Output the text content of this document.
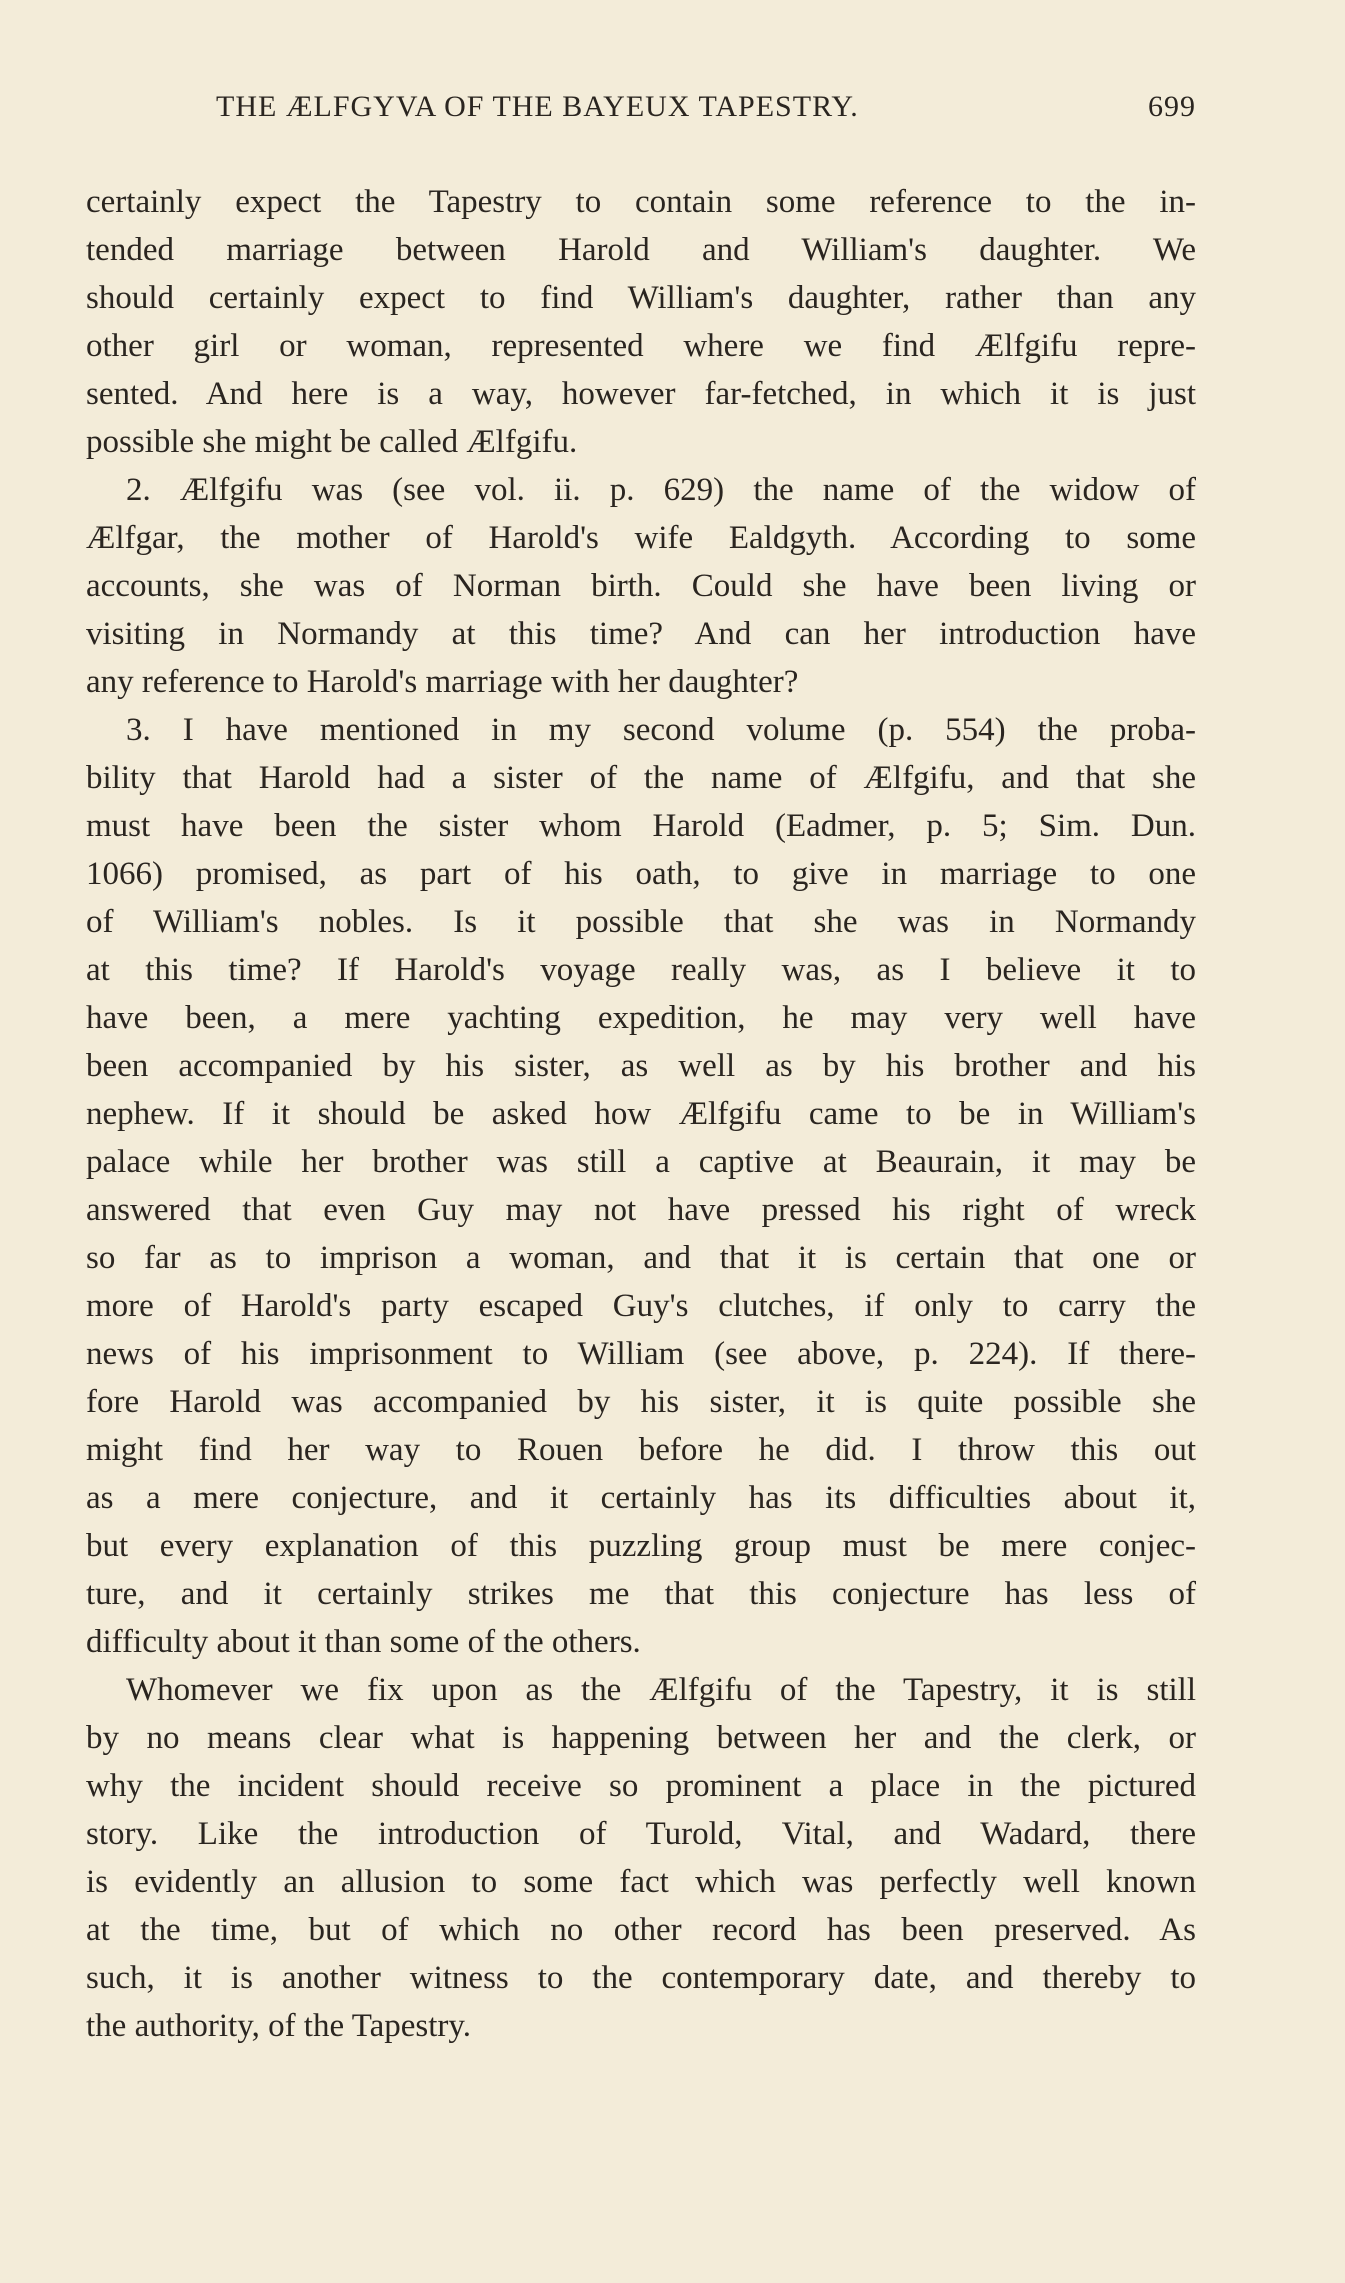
THE ÆLFGYVA OF THE BAYEUX TAPESTRY.	699
certainly expect the Tapestry to contain some reference to the in-
tended marriage between Harold and William's daughter. We
should certainly expect to find William's daughter, rather than any
other girl or woman, represented where we find Ælfgifu repre-
sented. And here is a way, however far-fetched, in which it is just
possible she might be called Ælfgifu.
2. Ælfgifu was (see vol. ii. p. 629) the name of the widow of
Ælfgar, the mother of Harold's wife Ealdgyth. According to some
accounts, she was of Norman birth. Could she have been living or
visiting in Normandy at this time? And can her introduction have
any reference to Harold's marriage with her daughter?
3. I have mentioned in my second volume (p. 554) the proba-
bility that Harold had a sister of the name of Ælfgifu, and that she
must have been the sister whom Harold (Eadmer, p. 5; Sim. Dun.
1066) promised, as part of his oath, to give in marriage to one
of William's nobles. Is it possible that she was in Normandy
at this time? If Harold's voyage really was, as I believe it to
have been, a mere yachting expedition, he may very well have
been accompanied by his sister, as well as by his brother and his
nephew. If it should be asked how Ælfgifu came to be in William's
palace while her brother was still a captive at Beaurain, it may be
answered that even Guy may not have pressed his right of wreck
so far as to imprison a woman, and that it is certain that one or
more of Harold's party escaped Guy's clutches, if only to carry the
news of his imprisonment to William (see above, p. 224). If there-
fore Harold was accompanied by his sister, it is quite possible she
might find her way to Rouen before he did. I throw this out
as a mere conjecture, and it certainly has its difficulties about it,
but every explanation of this puzzling group must be mere conjec-
ture, and it certainly strikes me that this conjecture has less of
difficulty about it than some of the others.
Whomever we fix upon as the Ælfgifu of the Tapestry, it is still
by no means clear what is happening between her and the clerk, or
why the incident should receive so prominent a place in the pictured
story. Like the introduction of Turold, Vital, and Wadard, there
is evidently an allusion to some fact which was perfectly well known
at the time, but of which no other record has been preserved. As
such, it is another witness to the contemporary date, and thereby to
the authority, of the Tapestry.
